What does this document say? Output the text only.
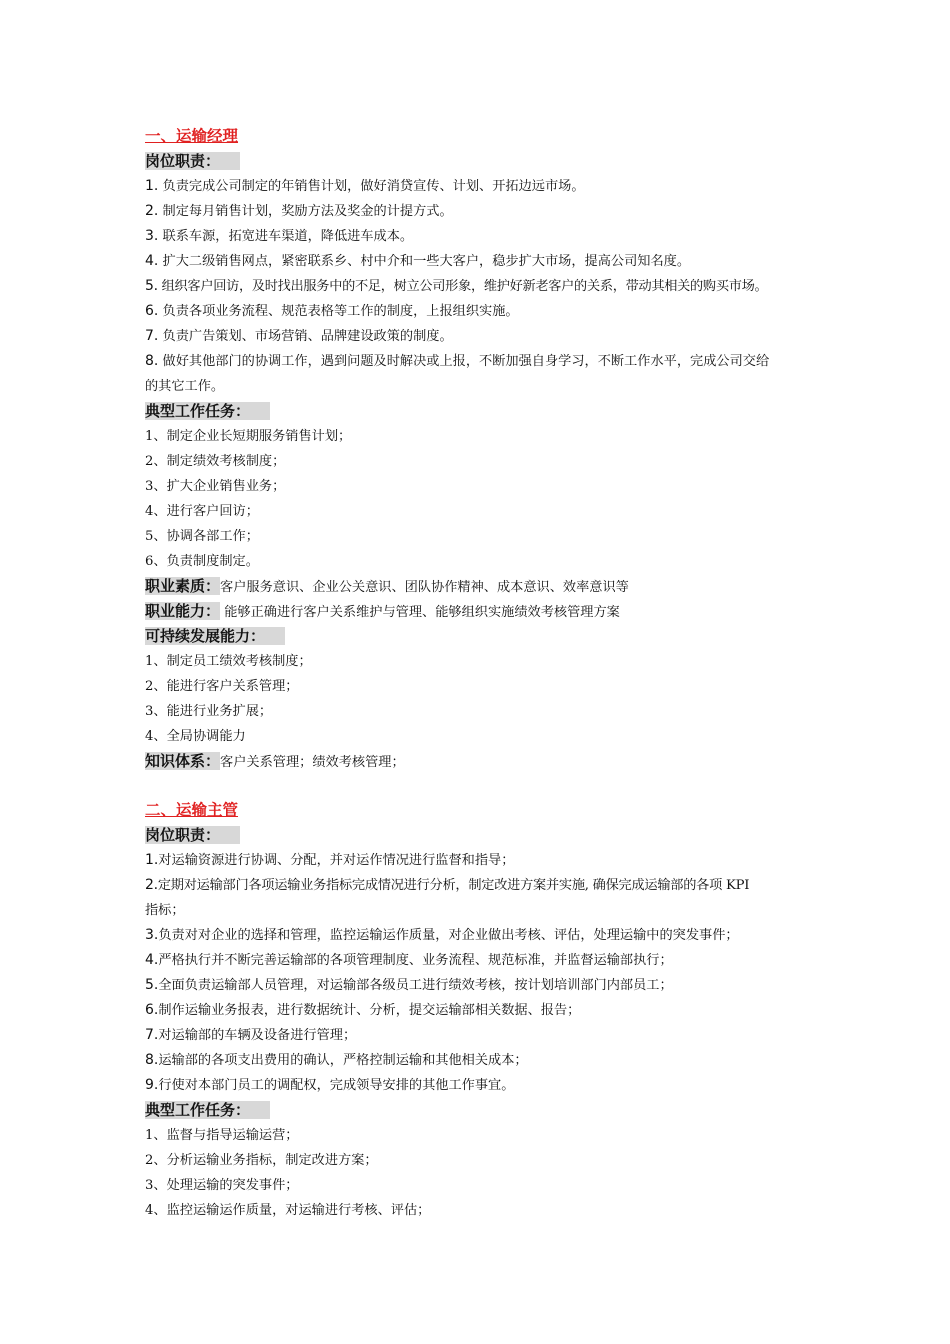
一、运输经理
岗位职责：
1. 负责完成公司制定的年销售计划，做好消贷宣传、计划、开拓边远市场。
2. 制定每月销售计划，奖励方法及奖金的计提方式。
3. 联系车源，拓宽进车渠道，降低进车成本。
4. 扩大二级销售网点，紧密联系乡、村中介和一些大客户，稳步扩大市场，提高公司知名度。
5. 组织客户回访，及时找出服务中的不足，树立公司形象，维护好新老客户的关系，带动其相关的购买市场。
6. 负责各项业务流程、规范表格等工作的制度，上报组织实施。
7. 负责广告策划、市场营销、品牌建设政策的制度。
8. 做好其他部门的协调工作，遇到问题及时解决或上报，不断加强自身学习，不断工作水平，完成公司交给
的其它工作。
典型工作任务：
1、制定企业长短期服务销售计划；
2、制定绩效考核制度；
3、扩大企业销售业务；
4、进行客户回访；
5、协调各部工作；
6、负责制度制定。
职业素质：客户服务意识、企业公关意识、团队协作精神、成本意识、效率意识等
职业能力： 能够正确进行客户关系维护与管理、能够组织实施绩效考核管理方案
可持续发展能力：
1、制定员工绩效考核制度；
2、能进行客户关系管理；
3、能进行业务扩展；
4、全局协调能力
知识体系：客户关系管理；绩效考核管理；
二、运输主管
岗位职责：
1.对运输资源进行协调、分配，并对运作情况进行监督和指导；
2.定期对运输部门各项运输业务指标完成情况进行分析，制定改进方案并实施, 确保完成运输部的各项 KPI
指标；
3.负责对对企业的选择和管理，监控运输运作质量，对企业做出考核、评估，处理运输中的突发事件；
4.严格执行并不断完善运输部的各项管理制度、业务流程、规范标准，并监督运输部执行；
5.全面负责运输部人员管理，对运输部各级员工进行绩效考核，按计划培训部门内部员工；
6.制作运输业务报表，进行数据统计、分析，提交运输部相关数据、报告；
7.对运输部的车辆及设备进行管理；
8.运输部的各项支出费用的确认，严格控制运输和其他相关成本；
9.行使对本部门员工的调配权，完成领导安排的其他工作事宜。
典型工作任务：
1、监督与指导运输运营；
2、分析运输业务指标，制定改进方案；
3、处理运输的突发事件；
4、监控运输运作质量，对运输进行考核、评估；
